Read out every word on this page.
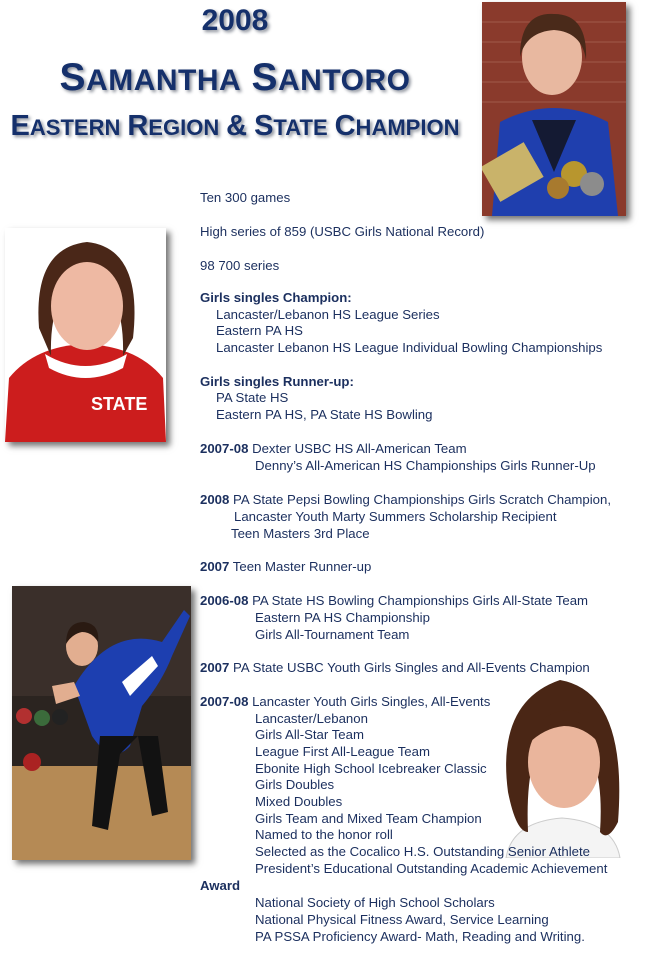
2008
SAMANTHA SANTORO
EASTERN REGION & STATE CHAMPION
STATE
Ten 300 games
High series of 859 (USBC Girls National Record)
98 700 series
Girls singles Champion:
Lancaster/Lebanon HS League Series
Eastern PA HS
Lancaster Lebanon HS League Individual Bowling Championships
Girls singles Runner-up:
PA State HS
Eastern PA HS, PA State HS Bowling
2007-08 Dexter USBC HS All-American Team
Denny’s All-American HS Championships Girls Runner-Up
2008 PA State Pepsi Bowling Championships Girls Scratch Champion,
Lancaster Youth Marty Summers Scholarship Recipient
Teen Masters 3rd Place
2007 Teen Master Runner-up
2006-08 PA State HS Bowling Championships Girls All-State Team
Eastern PA HS Championship
Girls All-Tournament Team
2007 PA State USBC Youth Girls Singles and All-Events Champion
2007-08 Lancaster Youth Girls Singles, All-Events
Lancaster/Lebanon
Girls All-Star Team
League First All-League Team
Ebonite High School Icebreaker Classic
Girls Doubles
Mixed Doubles
Girls Team and Mixed Team Champion
Named to the honor roll
Selected as the Cocalico H.S. Outstanding Senior Athlete
President’s Educational Outstanding Academic Achievement
Award
National Society of High School Scholars
National Physical Fitness Award, Service Learning
PA PSSA Proficiency Award- Math, Reading and Writing.
